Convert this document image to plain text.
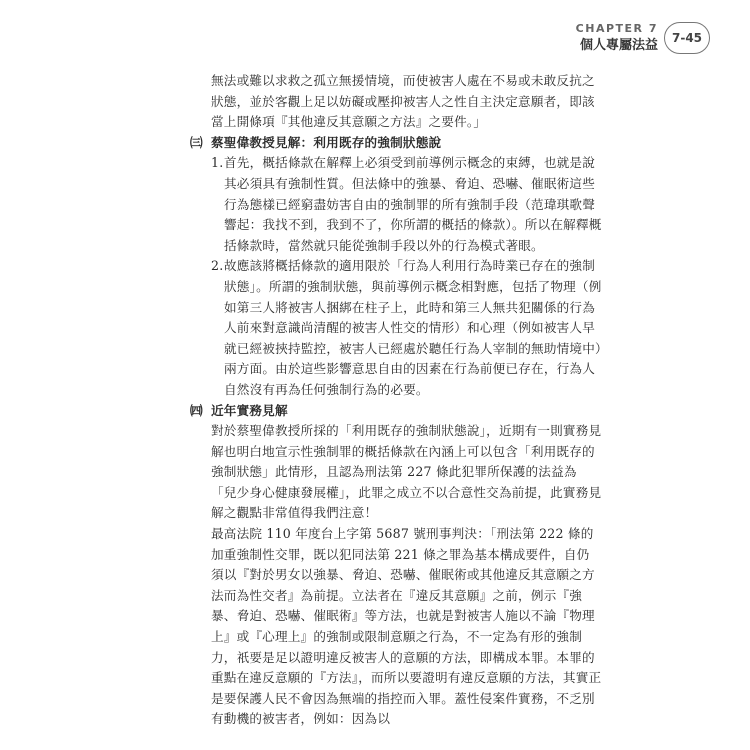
CHAPTER 7
個人專屬法益	7-45

無法或難以求救之孤立無援情境，而使被害人處在不易或未敢反抗之狀態，並於客觀上足以妨礙或壓抑被害人之性自主決定意願者，即該當上開條項『其他違反其意願之方法』之要件。」

㈢ 蔡聖偉教授見解：利用既存的強制狀態說

1. 首先，概括條款在解釋上必須受到前導例示概念的束縛，也就是說其必須具有強制性質。但法條中的強暴、脅迫、恐嚇、催眠術這些行為態樣已經窮盡妨害自由的強制罪的所有強制手段（范瑋琪歌聲響起：我找不到，我到不了，你所謂的概括的條款）。所以在解釋概括條款時，當然就只能從強制手段以外的行為模式著眼。
2. 故應該將概括條款的適用限於「行為人利用行為時業已存在的強制狀態」。所謂的強制狀態，與前導例示概念相對應，包括了物理（例如第三人將被害人捆綁在柱子上，此時和第三人無共犯關係的行為人前來對意識尚清醒的被害人性交的情形）和心理（例如被害人早就已經被挾持監控，被害人已經處於聽任行為人宰制的無助情境中）兩方面。由於這些影響意思自由的因素在行為前便已存在，行為人自然沒有再為任何強制行為的必要。

㈣ 近年實務見解

對於蔡聖偉教授所採的「利用既存的強制狀態說」，近期有一則實務見解也明白地宣示性強制罪的概括條款在內涵上可以包含「利用既存的強制狀態」此情形，且認為刑法第 227 條此犯罪所保護的法益為「兒少身心健康發展權」，此罪之成立不以合意性交為前提，此實務見解之觀點非常值得我們注意！

最高法院 110 年度台上字第 5687 號刑事判決：「刑法第 222 條的加重強制性交罪，既以犯同法第 221 條之罪為基本構成要件，自仍須以『對於男女以強暴、脅迫、恐嚇、催眠術或其他違反其意願之方法而為性交者』為前提。立法者在『違反其意願』之前，例示『強暴、脅迫、恐嚇、催眠術』等方法，也就是對被害人施以不論『物理上』或『心理上』的強制或限制意願之行為，不一定為有形的強制力，祇要是足以證明違反被害人的意願的方法，即構成本罪。本罪的重點在違反意願的『方法』，而所以要證明有違反意願的方法，其實正是要保護人民不會因為無端的指控而入罪。蓋性侵案件實務，不乏別有動機的被害者，例如：因為以
